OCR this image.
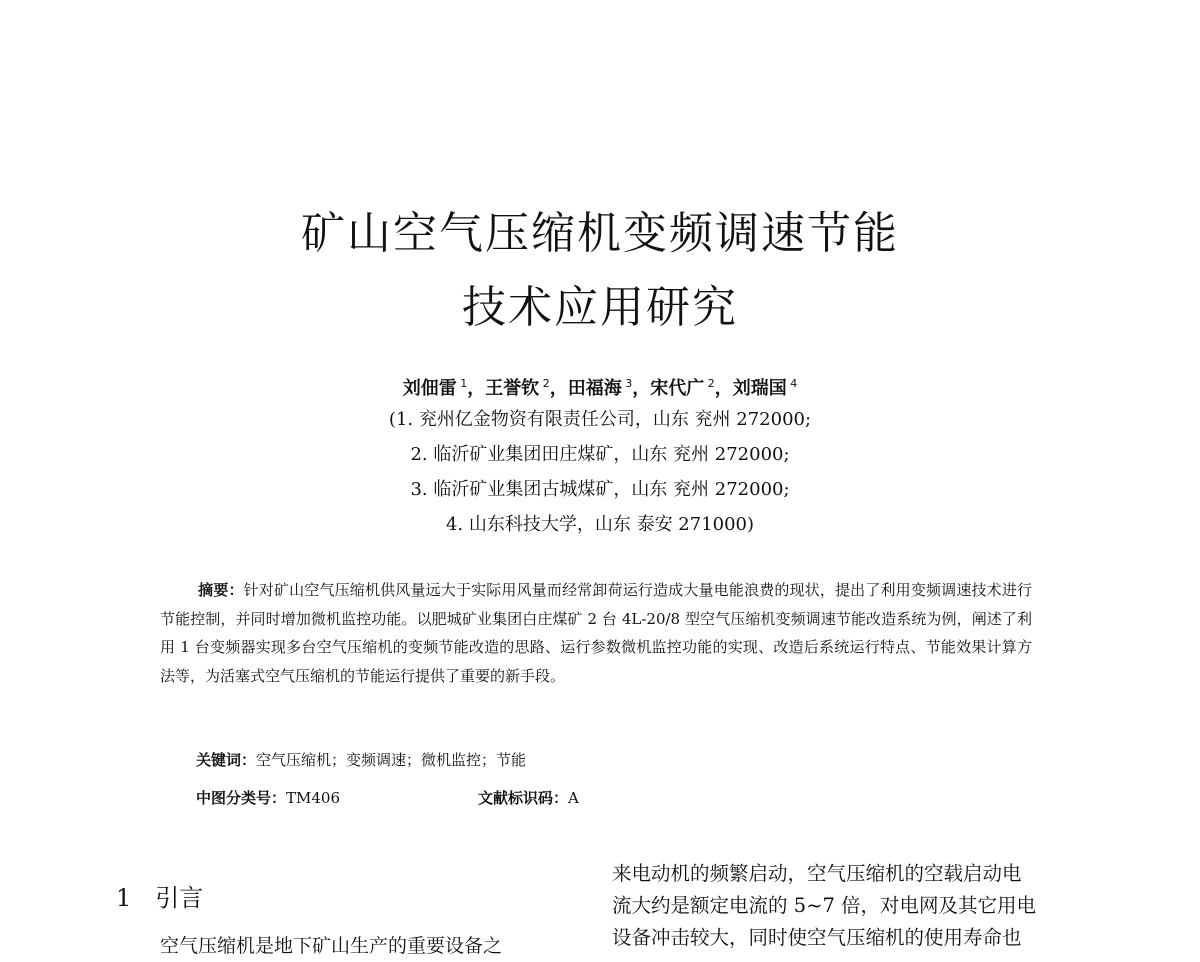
矿山空气压缩机变频调速节能
技术应用研究
刘佃雷 $^1$，王誉钦 $^2$，田福海 $^3$，宋代广 $^2$，刘瑞国 $^4$
(1. 兖州亿金物资有限责任公司，山东 兖州 272000;
2. 临沂矿业集团田庄煤矿，山东 兖州 272000;
3. 临沂矿业集团古城煤矿，山东 兖州 272000;
4. 山东科技大学，山东 泰安 271000)
摘要：针对矿山空气压缩机供风量远大于实际用风量而经常卸荷运行造成大量电能浪费的现状，提出了利用变频调速技术进行节能控制，并同时增加微机监控功能。以肥城矿业集团白庄煤矿 2 台 4L-20/8 型空气压缩机变频调速节能改造系统为例，阐述了利用 1 台变频器实现多台空气压缩机的变频节能改造的思路、运行参数微机监控功能的实现、改造后系统运行特点、节能效果计算方法等，为活塞式空气压缩机的节能运行提供了重要的新手段。
关键词：空气压缩机；变频调速；微机监控；节能
中图分类号：TM406	文献标识码：A
1 引言
空气压缩机是地下矿山生产的重要设备之
来电动机的频繁启动，空气压缩机的空载启动电
流大约是额定电流的 5~7 倍，对电网及其它用电
设备冲击较大，同时使空气压缩机的使用寿命也
